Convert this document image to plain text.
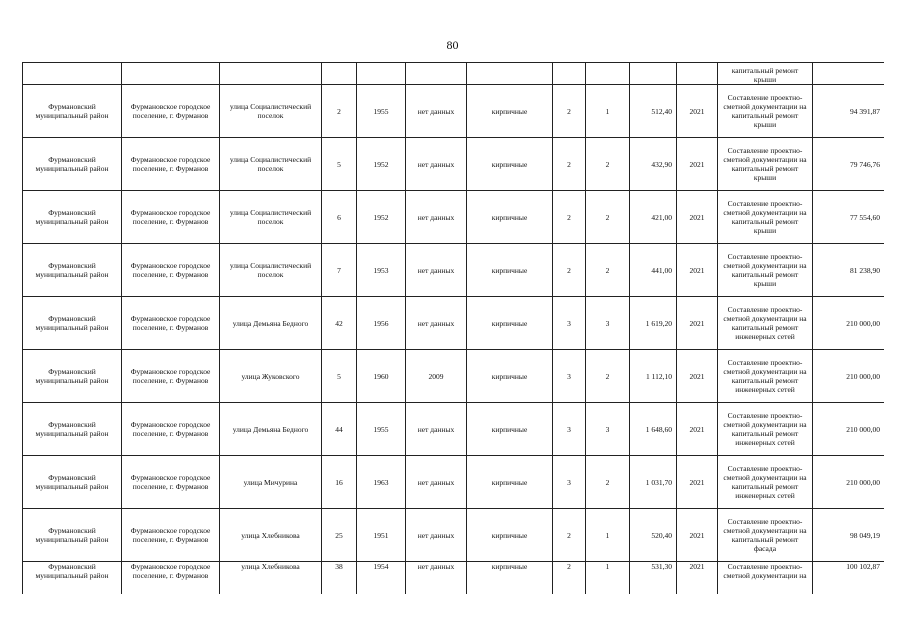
80

											капитальный ремонт крыши	

Фурмановский муниципальный район	Фурмановское городское поселение, г. Фурманов	улица Социалистический поселок	2	1955	нет данных	кирпичные	2	1	512,40	2021	Составление проектно-сметной документации на капитальный ремонт крыши	94 391,87
Фурмановский муниципальный район	Фурмановское городское поселение, г. Фурманов	улица Социалистический поселок	5	1952	нет данных	кирпичные	2	2	432,90	2021	Составление проектно-сметной документации на капитальный ремонт крыши	79 746,76
Фурмановский муниципальный район	Фурмановское городское поселение, г. Фурманов	улица Социалистический поселок	6	1952	нет данных	кирпичные	2	2	421,00	2021	Составление проектно-сметной документации на капитальный ремонт крыши	77 554,60
Фурмановский муниципальный район	Фурмановское городское поселение, г. Фурманов	улица Социалистический поселок	7	1953	нет данных	кирпичные	2	2	441,00	2021	Составление проектно-сметной документации на капитальный ремонт крыши	81 238,90
Фурмановский муниципальный район	Фурмановское городское поселение, г. Фурманов	улица Демьяна Бедного	42	1956	нет данных	кирпичные	3	3	1 619,20	2021	Составление проектно-сметной документации на капитальный ремонт инженерных сетей	210 000,00
Фурмановский муниципальный район	Фурмановское городское поселение, г. Фурманов	улица Жуковского	5	1960	2009	кирпичные	3	2	1 112,10	2021	Составление проектно-сметной документации на капитальный ремонт инженерных сетей	210 000,00
Фурмановский муниципальный район	Фурмановское городское поселение, г. Фурманов	улица Демьяна Бедного	44	1955	нет данных	кирпичные	3	3	1 648,60	2021	Составление проектно-сметной документации на капитальный ремонт инженерных сетей	210 000,00
Фурмановский муниципальный район	Фурмановское городское поселение, г. Фурманов	улица Мичурина	16	1963	нет данных	кирпичные	3	2	1 031,70	2021	Составление проектно-сметной документации на капитальный ремонт инженерных сетей	210 000,00
Фурмановский муниципальный район	Фурмановское городское поселение, г. Фурманов	улица Хлебникова	25	1951	нет данных	кирпичные	2	1	520,40	2021	Составление проектно-сметной документации на капитальный ремонт фасада	98 049,19
Фурмановский муниципальный район	Фурмановское городское поселение, г. Фурманов	улица Хлебникова	38	1954	нет данных	кирпичные	2	1	531,30	2021	Составление проектно-сметной документации на	100 102,87
